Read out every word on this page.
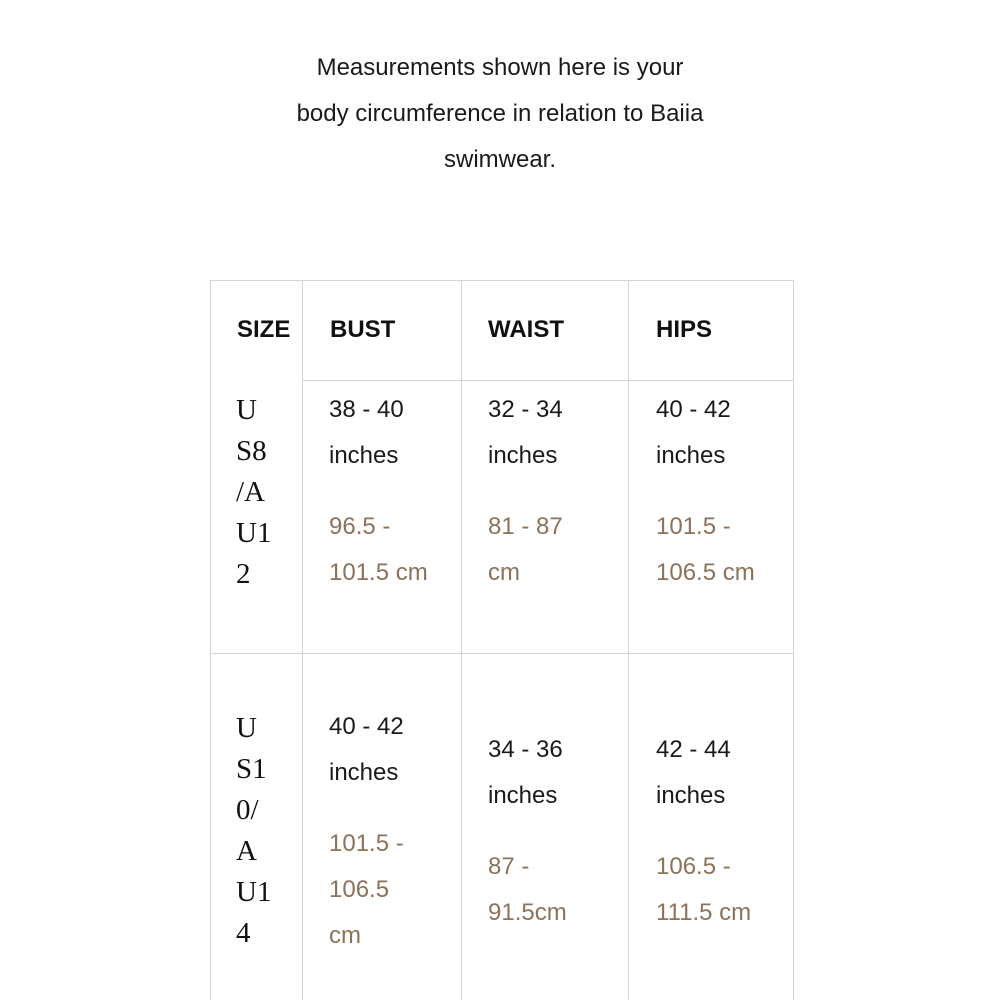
Measurements shown here is your
body circumference in relation to Baiia
swimwear.
SIZE BUST	WAIST	HIPS
U
S8
/A
U1
2
38 - 40
inches
96.5 -
101.5 cm
32 - 34
inches
81 - 87
cm
40 - 42
inches
101.5 -
106.5 cm
U
S1
0/
A
U1
4
40 - 42
inches
101.5 -
106.5
cm
34 - 36
inches
87 -
91.5cm
42 - 44
inches
106.5 -
111.5 cm
